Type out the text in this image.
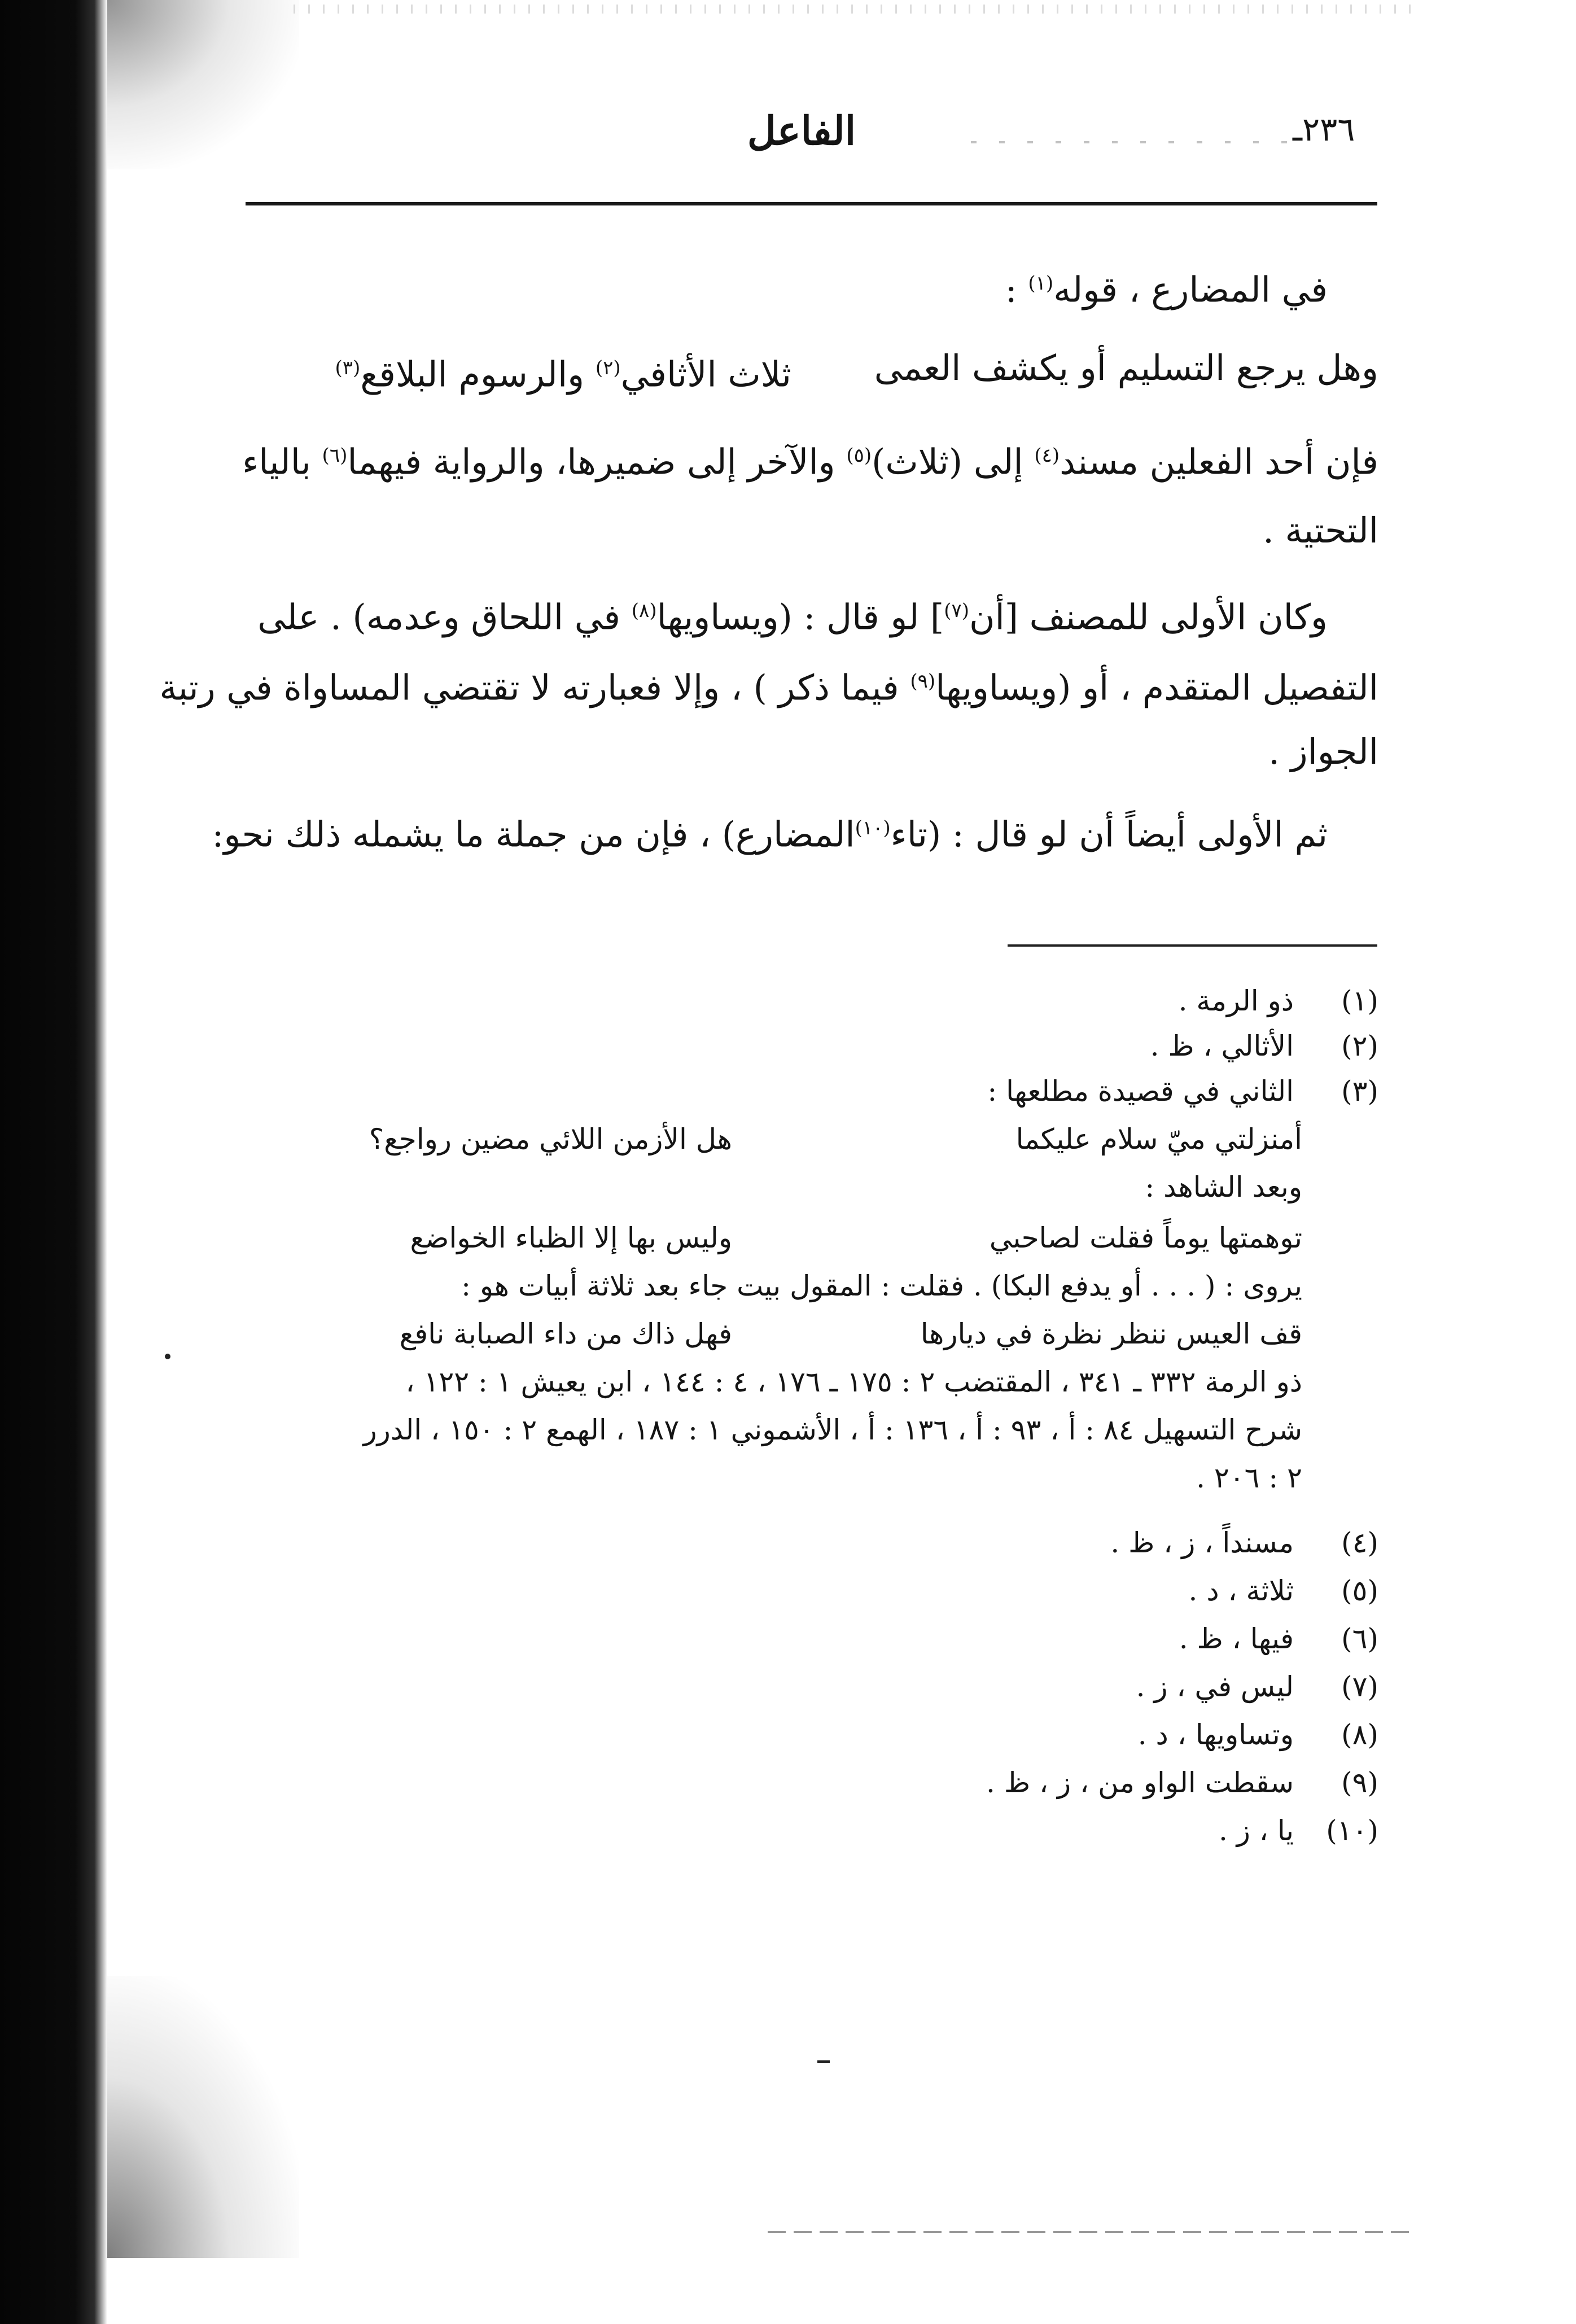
٢٣٦ـ
الفاعل
في المضارع ، قوله$^{(١)}$ :
وهل يرجع التسليم أو يكشف العمى
ثلاث الأثافي$^{(٢)}$ والرسوم البلاقع$^{(٣)}$
فإن أحد الفعلين مسند$^{(٤)}$ إلى (ثلاث)$^{(٥)}$ والآخر إلى ضميرها، والرواية فيهما$^{(٦)}$ بالياء
التحتية .
وكان الأولى للمصنف [أن$^{(٧)}$] لو قال : (ويساويها$^{(٨)}$ في اللحاق وعدمه) . على
التفصيل المتقدم ، أو (ويساويها$^{(٩)}$ فيما ذكر ) ، وإلا فعبارته لا تقتضي المساواة في رتبة
الجواز .
ثم الأولى أيضاً أن لو قال : (تاء$^{(١٠)}$المضارع) ، فإن من جملة ما يشمله ذلك نحو:
(١)ذو الرمة .
(٢)الأثالي ، ظ .
(٣)الثاني في قصيدة مطلعها :
أمنزلتي ميّ سلام عليكما
هل الأزمن اللائي مضين رواجع؟
وبعد الشاهد :
توهمتها يوماً فقلت لصاحبي
وليس بها إلا الظباء الخواضع
يروى : ( . . . أو يدفع البكا) . فقلت : المقول بيت جاء بعد ثلاثة أبيات هو :
قف العيس ننظر نظرة في ديارها
فهل ذاك من داء الصبابة نافع
ذو الرمة ٣٣٢ ـ ٣٤١ ، المقتضب ٢ : ١٧٥ ـ ١٧٦ ، ٤ : ١٤٤ ، ابن يعيش ١ : ١٢٢ ،
شرح التسهيل ٨٤ : أ ، ٩٣ : أ ، ١٣٦ : أ ، الأشموني ١ : ١٨٧ ، الهمع ٢ : ١٥٠ ، الدرر
٢ : ٢٠٦ .
(٤)مسنداً ، ز ، ظ .
(٥)ثلاثة ، د .
(٦)فيها ، ظ .
(٧)ليس في ، ز .
(٨)وتساويها ، د .
(٩)سقطت الواو من ، ز ، ظ .
(١٠)يا ، ز .
